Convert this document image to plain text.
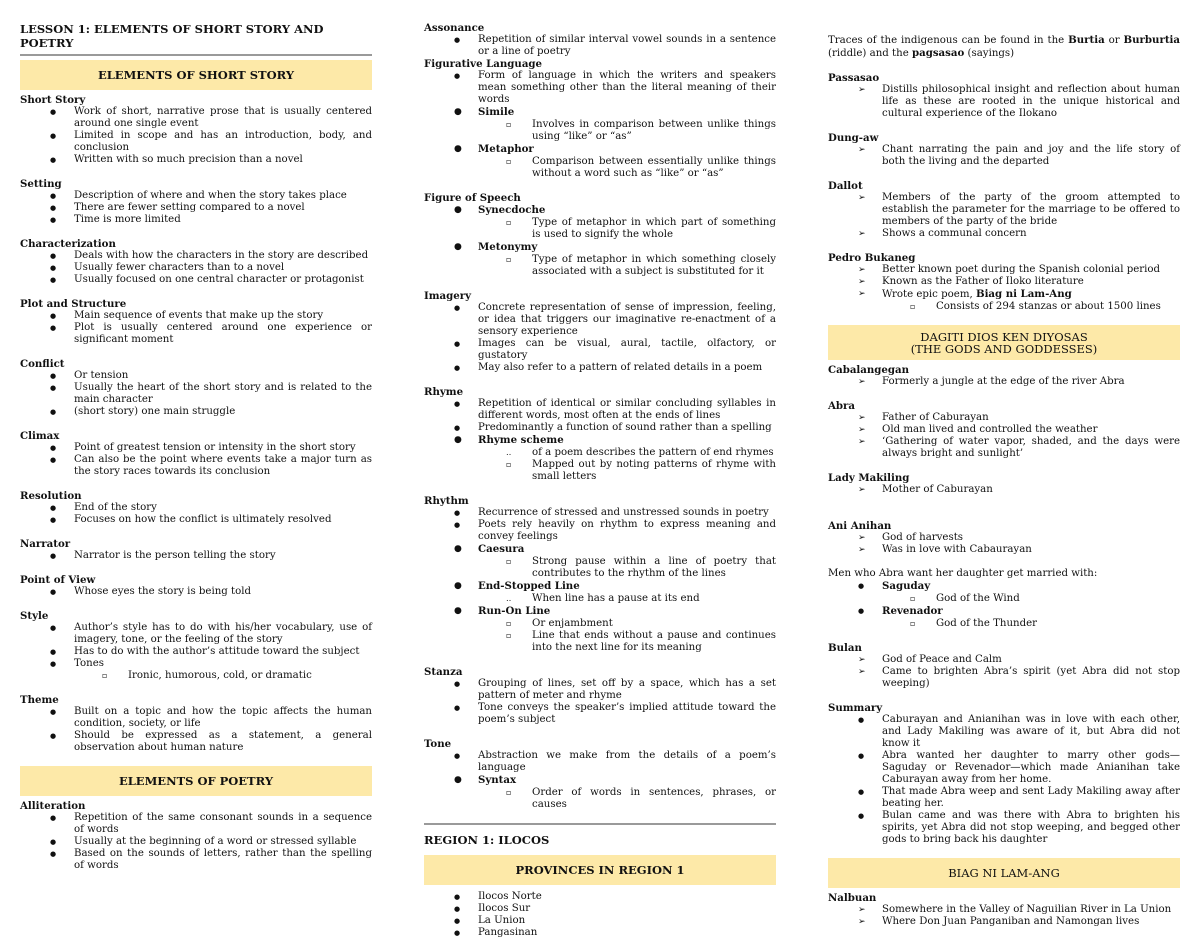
LESSON 1: ELEMENTS OF SHORT STORY AND POETRY
ELEMENTS OF SHORT STORY
Short Story
● Work of short, narrative prose that is usually centered around one single event
● Limited in scope and has an introduction, body, and conclusion
● Written with so much precision than a novel
Setting
● Description of where and when the story takes place
● There are fewer setting compared to a novel
● Time is more limited
Characterization
● Deals with how the characters in the story are described
● Usually fewer characters than to a novel
● Usually focused on one central character or protagonist
Plot and Structure
● Main sequence of events that make up the story
● Plot is usually centered around one experience or significant moment
Conflict
● Or tension
● Usually the heart of the short story and is related to the main character
● (short story) one main struggle
Climax
● Point of greatest tension or intensity in the short story
● Can also be the point where events take a major turn as the story races towards its conclusion
Resolution
● End of the story
● Focuses on how the conflict is ultimately resolved
Narrator
● Narrator is the person telling the story
Point of View
● Whose eyes the story is being told
Style
● Author’s style has to do with his/her vocabulary, use of imagery, tone, or the feeling of the story
● Has to do with the author’s attitude toward the subject
● Tones
▫ Ironic, humorous, cold, or dramatic
Theme
● Built on a topic and how the topic affects the human condition, society, or life
● Should be expressed as a statement, a general observation about human nature
ELEMENTS OF POETRY
Alliteration
● Repetition of the same consonant sounds in a sequence of words
● Usually at the beginning of a word or stressed syllable
● Based on the sounds of letters, rather than the spelling of words
Assonance
● Repetition of similar interval vowel sounds in a sentence or a line of poetry
Figurative Language
● Form of language in which the writers and speakers mean something other than the literal meaning of their words
● Simile
▫ Involves in comparison between unlike things using “like” or “as”
● Metaphor
▫ Comparison between essentially unlike things without a word such as “like” or “as”
Figure of Speech
● Synecdoche
▫ Type of metaphor in which part of something is used to signify the whole
● Metonymy
▫ Type of metaphor in which something closely associated with a subject is substituted for it
Imagery
● Concrete representation of sense of impression, feeling, or idea that triggers our imaginative re-enactment of a sensory experience
● Images can be visual, aural, tactile, olfactory, or gustatory
● May also refer to a pattern of related details in a poem
Rhyme
● Repetition of identical or similar concluding syllables in different words, most often at the ends of lines
● Predominantly a function of sound rather than a spelling
● Rhyme scheme
‥ of a poem describes the pattern of end rhymes
▫ Mapped out by noting patterns of rhyme with small letters
Rhythm
● Recurrence of stressed and unstressed sounds in poetry
● Poets rely heavily on rhythm to express meaning and convey feelings
● Caesura
▫ Strong pause within a line of poetry that contributes to the rhythm of the lines
● End-Stopped Line
‥ When line has a pause at its end
● Run-On Line
▫ Or enjambment
▫ Line that ends without a pause and continues into the next line for its meaning
Stanza
● Grouping of lines, set off by a space, which has a set pattern of meter and rhyme
● Tone conveys the speaker’s implied attitude toward the poem’s subject
Tone
● Abstraction we make from the details of a poem’s language
● Syntax
▫ Order of words in sentences, phrases, or causes
REGION 1: ILOCOS
PROVINCES IN REGION 1
● Ilocos Norte
● Ilocos Sur
● La Union
● Pangasinan

Traces of the indigenous can be found in the Burtia or Burburtia (riddle) and the pagsasao (sayings)

Passasao
➢ Distills philosophical insight and reflection about human life as these are rooted in the unique historical and cultural experience of the Ilokano
Dung-aw
➢ Chant narrating the pain and joy and the life story of both the living and the departed
Dallot
➢ Members of the party of the groom attempted to establish the parameter for the marriage to be offered to members of the party of the bride
➢ Shows a communal concern
Pedro Bukaneg
➢ Better known poet during the Spanish colonial period
➢ Known as the Father of Iloko literature
➢ Wrote epic poem, Biag ni Lam-Ang
▫ Consists of 294 stanzas or about 1500 lines
DAGITI DIOS KEN DIYOSAS
(THE GODS AND GODDESSES)
Cabalangegan
➢ Formerly a jungle at the edge of the river Abra
Abra
➢ Father of Caburayan
➢ Old man lived and controlled the weather
➢ ‘Gathering of water vapor, shaded, and the days were always bright and sunlight’
Lady Makiling
➢ Mother of Caburayan
Ani Anihan
➢ God of harvests
➢ Was in love with Cabaurayan

Men who Abra want her daughter get married with:

● Saguday
▫ God of the Wind
● Revenador
▫ God of the Thunder
Bulan
➢ God of Peace and Calm
➢ Came to brighten Abra’s spirit (yet Abra did not stop weeping)
Summary
● Caburayan and Anianihan was in love with each other, and Lady Makiling was aware of it, but Abra did not know it
● Abra wanted her daughter to marry other gods—Saguday or Revenador—which made Anianihan take Caburayan away from her home.
● That made Abra weep and sent Lady Makiling away after beating her.
● Bulan came and was there with Abra to brighten his spirits, yet Abra did not stop weeping, and begged other gods to bring back his daughter
BIAG NI LAM-ANG
Nalbuan
➢ Somewhere in the Valley of Naguilian River in La Union
➢ Where Don Juan Panganiban and Namongan lives
